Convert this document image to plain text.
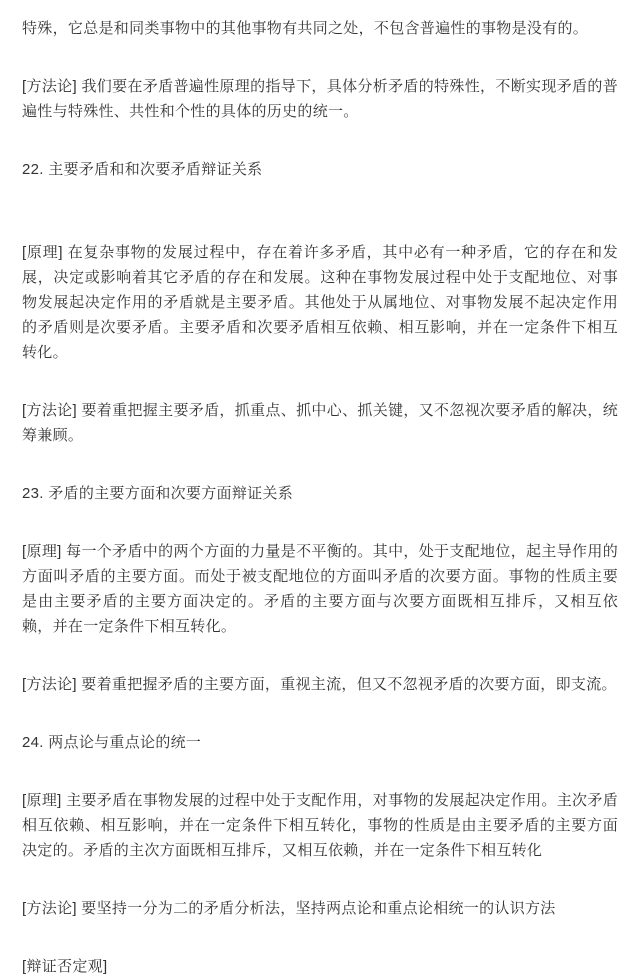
特殊，它总是和同类事物中的其他事物有共同之处，不包含普遍性的事物是没有的。

[方法论] 我们要在矛盾普遍性原理的指导下，具体分析矛盾的特殊性，不断实现矛盾的普遍性与特殊性、共性和个性的具体的历史的统一。

22. 主要矛盾和和次要矛盾辩证关系

[原理] 在复杂事物的发展过程中，存在着许多矛盾，其中必有一种矛盾，它的存在和发展，决定或影响着其它矛盾的存在和发展。这种在事物发展过程中处于支配地位、对事物发展起决定作用的矛盾就是主要矛盾。其他处于从属地位、对事物发展不起决定作用的矛盾则是次要矛盾。主要矛盾和次要矛盾相互依赖、相互影响，并在一定条件下相互转化。

[方法论] 要着重把握主要矛盾，抓重点、抓中心、抓关键，又不忽视次要矛盾的解决，统筹兼顾。

23. 矛盾的主要方面和次要方面辩证关系

[原理] 每一个矛盾中的两个方面的力量是不平衡的。其中，处于支配地位，起主导作用的方面叫矛盾的主要方面。而处于被支配地位的方面叫矛盾的次要方面。事物的性质主要是由主要矛盾的主要方面决定的。矛盾的主要方面与次要方面既相互排斥，又相互依赖，并在一定条件下相互转化。

[方法论] 要着重把握矛盾的主要方面，重视主流，但又不忽视矛盾的次要方面，即支流。

24. 两点论与重点论的统一

[原理] 主要矛盾在事物发展的过程中处于支配作用，对事物的发展起决定作用。主次矛盾相互依赖、相互影响，并在一定条件下相互转化，事物的性质是由主要矛盾的主要方面决定的。矛盾的主次方面既相互排斥，又相互依赖，并在一定条件下相互转化

[方法论] 要坚持一分为二的矛盾分析法，坚持两点论和重点论相统一的认识方法

[辩证否定观]
